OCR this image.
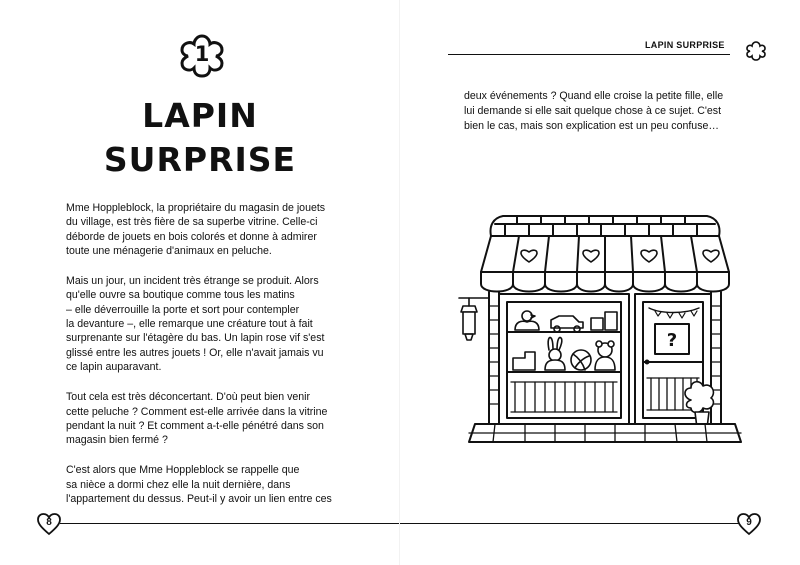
1
LAPIN
SURPRISE

Mme Hoppleblock, la propriétaire du magasin de jouets
du village, est très fière de sa superbe vitrine. Celle-ci
déborde de jouets en bois colorés et donne à admirer
toute une ménagerie d'animaux en peluche.

Mais un jour, un incident très étrange se produit. Alors
qu'elle ouvre sa boutique comme tous les matins
– elle déverrouille la porte et sort pour contempler
la devanture –, elle remarque une créature tout à fait
surprenante sur l'étagère du bas. Un lapin rose vif s'est
glissé entre les autres jouets ! Or, elle n'avait jamais vu
ce lapin auparavant.

Tout cela est très déconcertant. D'où peut bien venir
cette peluche ? Comment est-elle arrivée dans la vitrine
pendant la nuit ? Et comment a-t-elle pénétré dans son
magasin bien fermé ?

C'est alors que Mme Hoppleblock se rappelle que
sa nièce a dormi chez elle la nuit dernière, dans
l'appartement du dessus. Peut-il y avoir un lien entre ces

8
LAPIN SURPRISE
deux événements ? Quand elle croise la petite fille, elle
lui demande si elle sait quelque chose à ce sujet. C'est
bien le cas, mais son explication est un peu confuse…
?
9
